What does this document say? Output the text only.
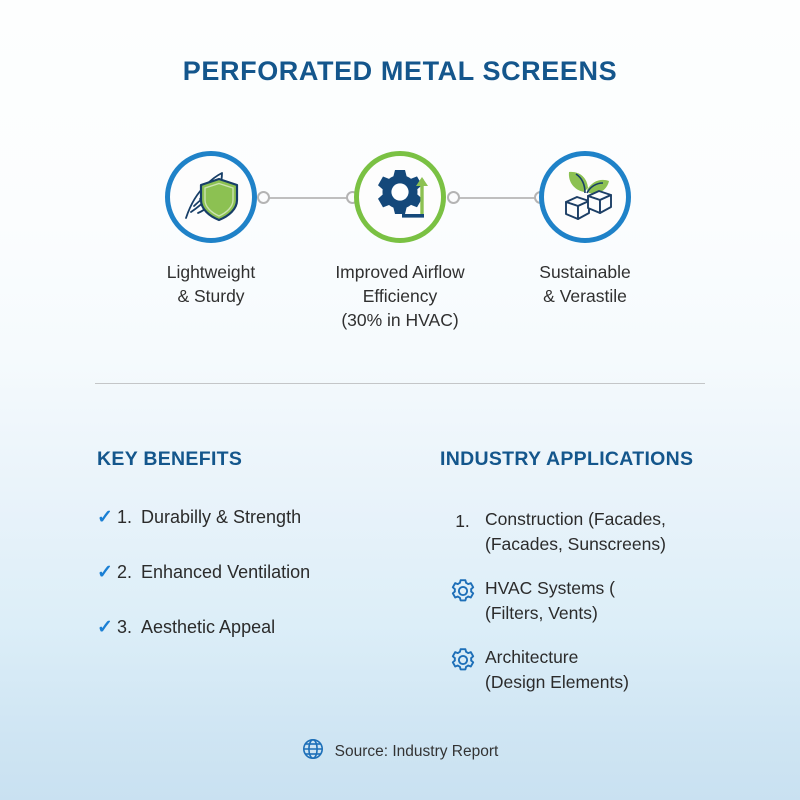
PERFORATED METAL SCREENS
Lightweight
& Sturdy
Improved Airflow
Efficiency
(30% in HVAC)
Sustainable
& Verastile
KEY BENEFITS
✓ 1. Durabilly & Strength
✓ 2. Enhanced Ventilation
✓ 3. Aesthetic Appeal
INDUSTRY APPLICATIONS
1. Construction (Facades,
(Facades, Sunscreens)
HVAC Systems (
(Filters, Vents)
Architecture
(Design Elements)
Source: Industry Report
